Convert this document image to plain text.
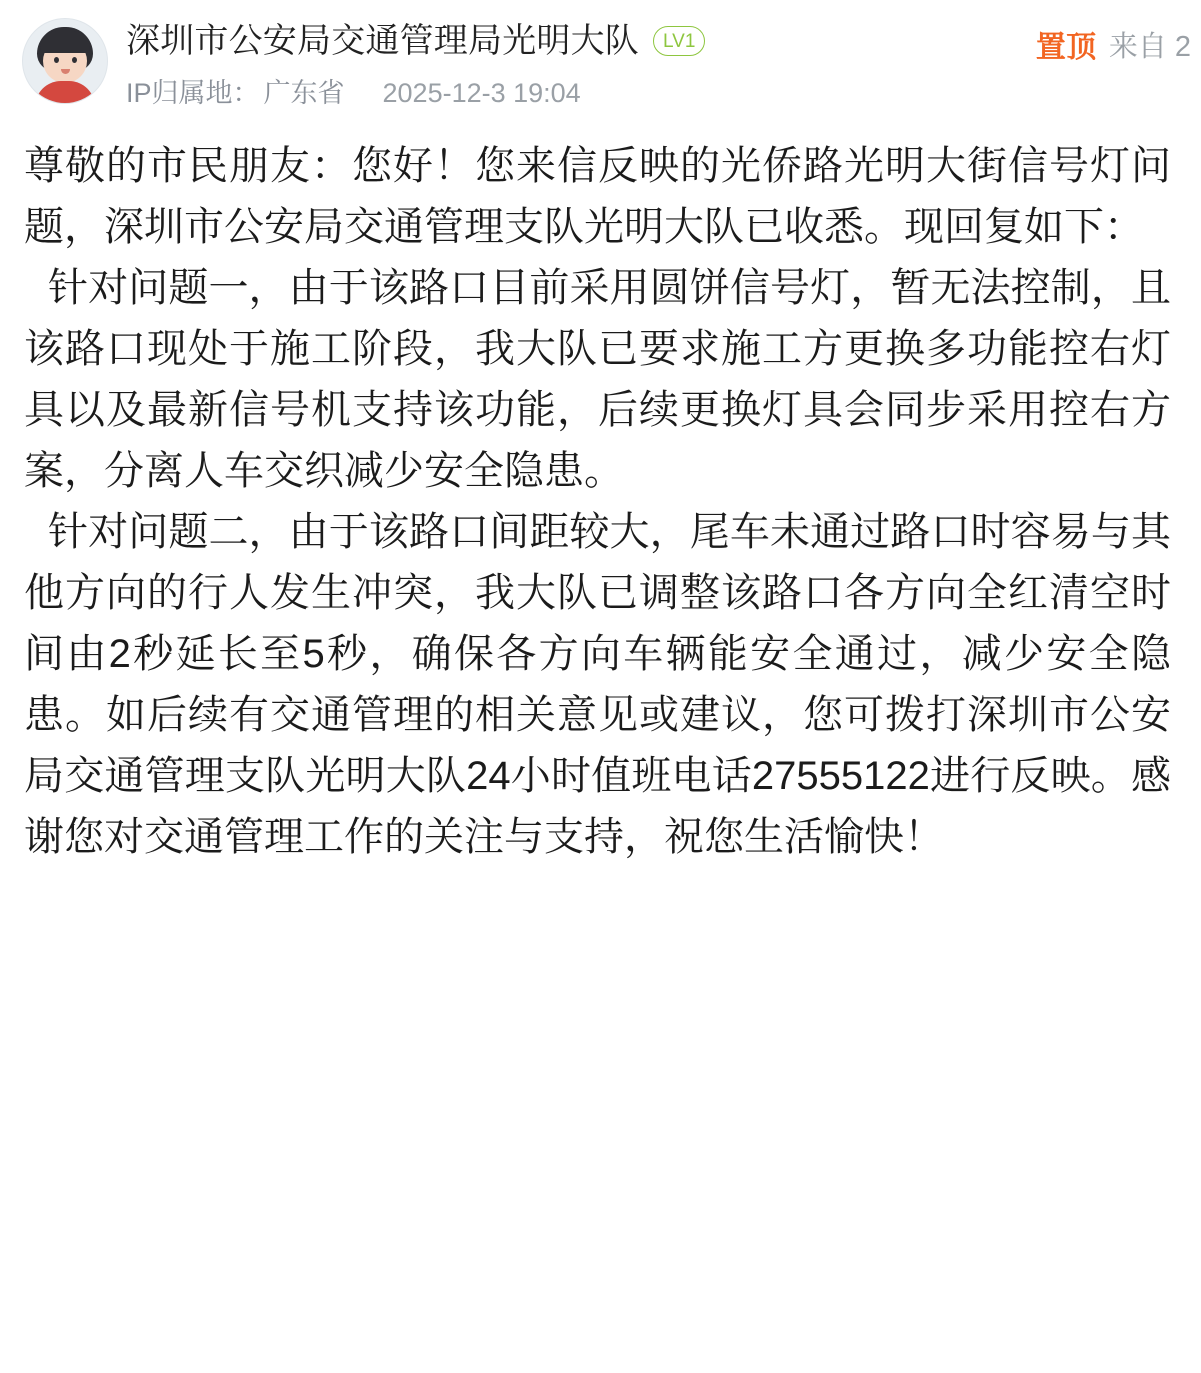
深圳市公安局交通管理局光明大队	LV1	置顶 来自 2
IP归属地： 广东省 2025-12-3 19:04

尊敬的市民朋友：您好！您来信反映的光侨路光明大街信号灯问题，深圳市公安局交通管理支队光明大队已收悉。现回复如下：

针对问题一，由于该路口目前采用圆饼信号灯，暂无法控制，且该路口现处于施工阶段，我大队已要求施工方更换多功能控右灯具以及最新信号机支持该功能，后续更换灯具会同步采用控右方案，分离人车交织减少安全隐患。

针对问题二，由于该路口间距较大，尾车未通过路口时容易与其他方向的行人发生冲突，我大队已调整该路口各方向全红清空时间由2秒延长至5秒，确保各方向车辆能安全通过，减少安全隐患。如后续有交通管理的相关意见或建议，您可拨打深圳市公安局交通管理支队光明大队24小时值班电话27555122进行反映。感谢您对交通管理工作的关注与支持，祝您生活愉快！
